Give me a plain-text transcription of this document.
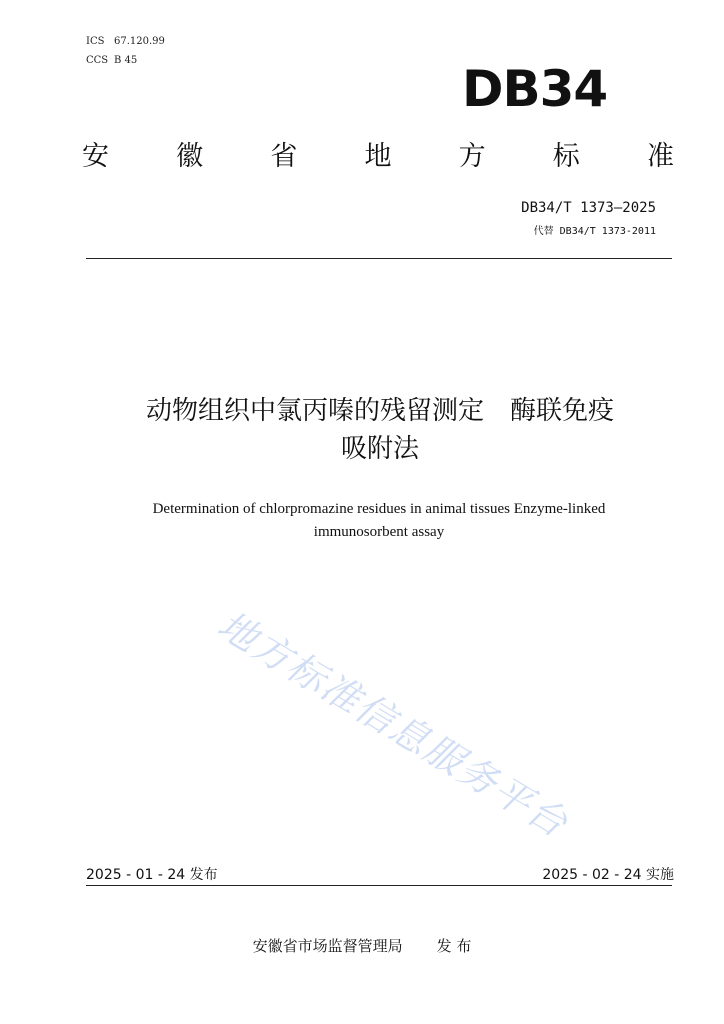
ICS 67.120.99
CCS B 45	DB34
安 徽 省 地 方 标 准
DB34/T 1373—2025
代替 DB34/T 1373-2011
动物组织中氯丙嗪的残留测定　酶联免疫
吸附法
Determination of chlorpromazine residues in animal tissues Enzyme-linked
immunosorbent assay
地方标准信息服务平台
2025 - 01 - 24 发布	2025 - 02 - 24 实施
安徽省市场监督管理局 发 布
